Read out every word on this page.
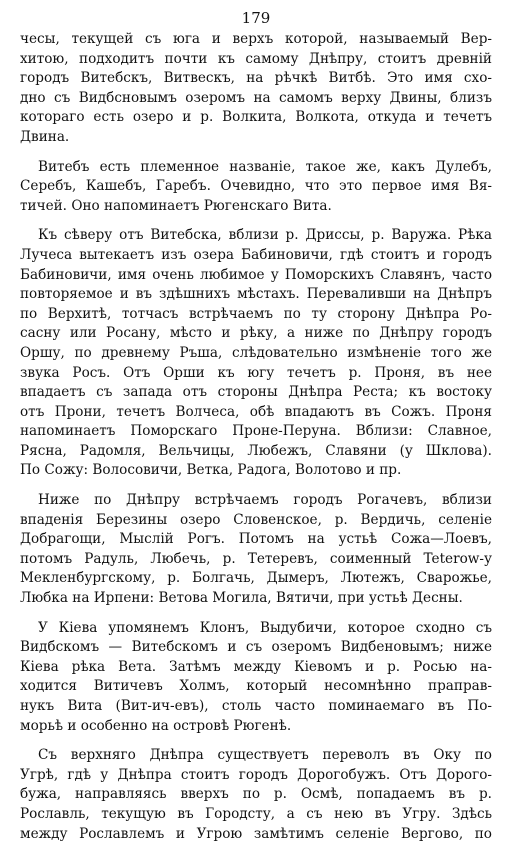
179
чесы, текущей съ юга и верхъ которой, называемый Вер-
хитою, подходитъ почти къ самому Днѣпру, стоитъ древній
городъ Витебскъ, Витвескъ, на рѣчкѣ Витбѣ. Это имя схо-
дно съ Видбсновымъ озеромъ на самомъ верху Двины, близъ
котораго есть озеро и р. Волкита, Волкота, откуда и течетъ
Двина.
Витебъ есть племенное названіе, такое же, какъ Дулебъ,
Серебъ, Кашебъ, Гаребъ. Очевидно, что это первое имя Вя-
тичей. Оно напоминаетъ Рюгенскаго Вита.
Къ сѣверу отъ Витебска, вблизи р. Дриссы, р. Варужа. Рѣка
Лучеса вытекаетъ изъ озера Бабиновичи, гдѣ стоитъ и городъ
Бабиновичи, имя очень любимое у Поморскихъ Славянъ, часто
повторяемое и въ здѣшнихъ мѣстахъ. Переваливши на Днѣпръ
по Верхитѣ, тотчасъ встрѣчаемъ по ту сторону Днѣпра Ро-
сасну или Росану, мѣсто и рѣку, а ниже по Днѣпру городъ
Оршу, по древнему Ръша, слѣдовательно измѣненіе того же
звука Росъ. Отъ Орши къ югу течетъ р. Проня, въ нее
впадаетъ съ запада отъ стороны Днѣпра Реста; къ востоку
отъ Прони, течетъ Волчеса, обѣ впадаютъ въ Сожъ. Проня
напоминаетъ Поморскаго Проне-Перуна. Вблизи: Славное,
Рясна, Радомля, Вельчицы, Любежъ, Славяни (у Шклова).
По Сожу: Волосовичи, Ветка, Радога, Волотово и пр.
Ниже по Днѣпру встрѣчаемъ городъ Рогачевъ, вблизи
впаденія Березины озеро Словенское, р. Вердичь, селеніе
Добрагощи, Мыслій Рогъ. Потомъ на устьѣ Сожа—Лоевъ,
потомъ Радуль, Любечь, р. Тетеревъ, соименный Teterow-у
Мекленбургскому, р. Болгачь, Дымеръ, Лютежъ, Сварожье,
Любка на Ирпени: Ветова Могила, Вятичи, при устьѣ Десны.
У Кіева упомянемъ Клонъ, Выдубичи, которое сходно съ
Видбскомъ — Витебскомъ и съ озеромъ Видбеновымъ; ниже
Кіева рѣка Вета. Затѣмъ между Кіевомъ и р. Росью на-
ходится Витичевъ Холмъ, который несомнѣнно праправ-
нукъ Вита (Вит-ич-евъ), столь часто поминаемаго въ По-
морьѣ и особенно на островѣ Рюгенѣ.
Съ верхняго Днѣпра существуетъ переволъ въ Оку по
Угрѣ, гдѣ у Днѣпра стоитъ городъ Дорогобужъ. Отъ Дорого-
бужа, направляясь вверхъ по р. Осмѣ, попадаемъ въ р.
Рославль, текущую въ Городсту, а съ нею въ Угру. Здѣсь
между Рославлемъ и Угрою замѣтимъ селеніе Вергово, по
